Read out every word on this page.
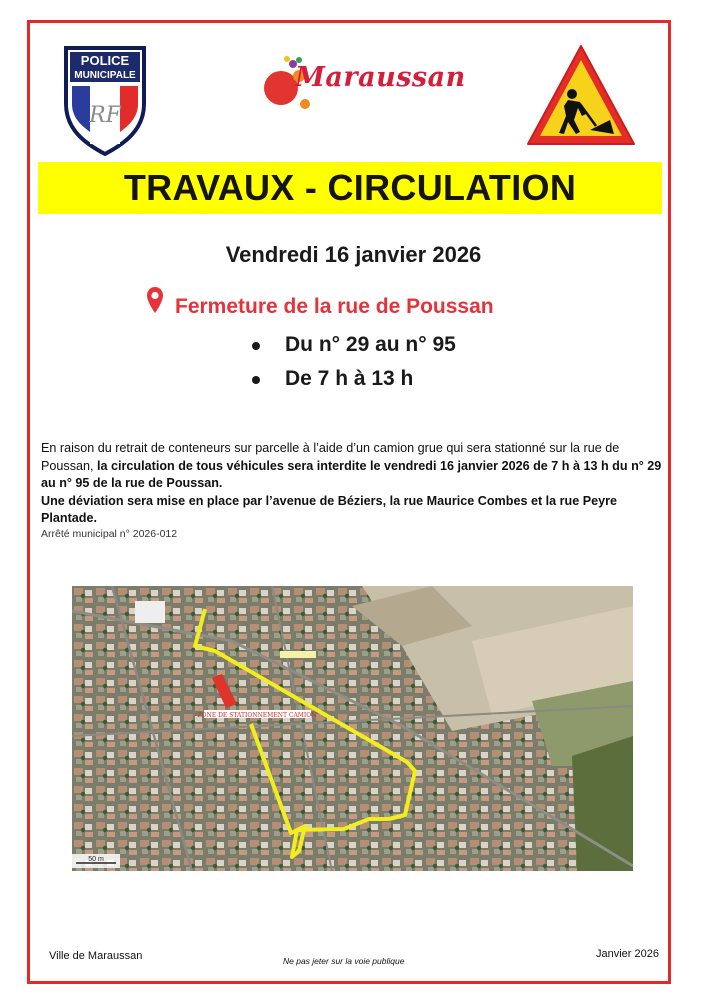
POLICE
MUNICIPALE
RF
Maraussan
TRAVAUX - CIRCULATION
Vendredi 16 janvier 2026
Fermeture de la rue de Poussan
Du n° 29 au n° 95
De 7 h à 13 h
En raison du retrait de conteneurs sur parcelle à l’aide d’un camion grue qui sera stationné sur la rue de Poussan, la circulation de tous véhicules sera interdite le vendredi 16 janvier 2026 de 7 h à 13 h du n° 29 au n° 95 de la rue de Poussan.
Une déviation sera mise en place par l’avenue de Béziers, la rue Maurice Combes et la rue Peyre Plantade.
Arrêté municipal n° 2026-012
ZONE DE STATIONNEMENT CAMION
50 m
Ville de Maraussan	Ne pas jeter sur la voie publique
Janvier 2026
